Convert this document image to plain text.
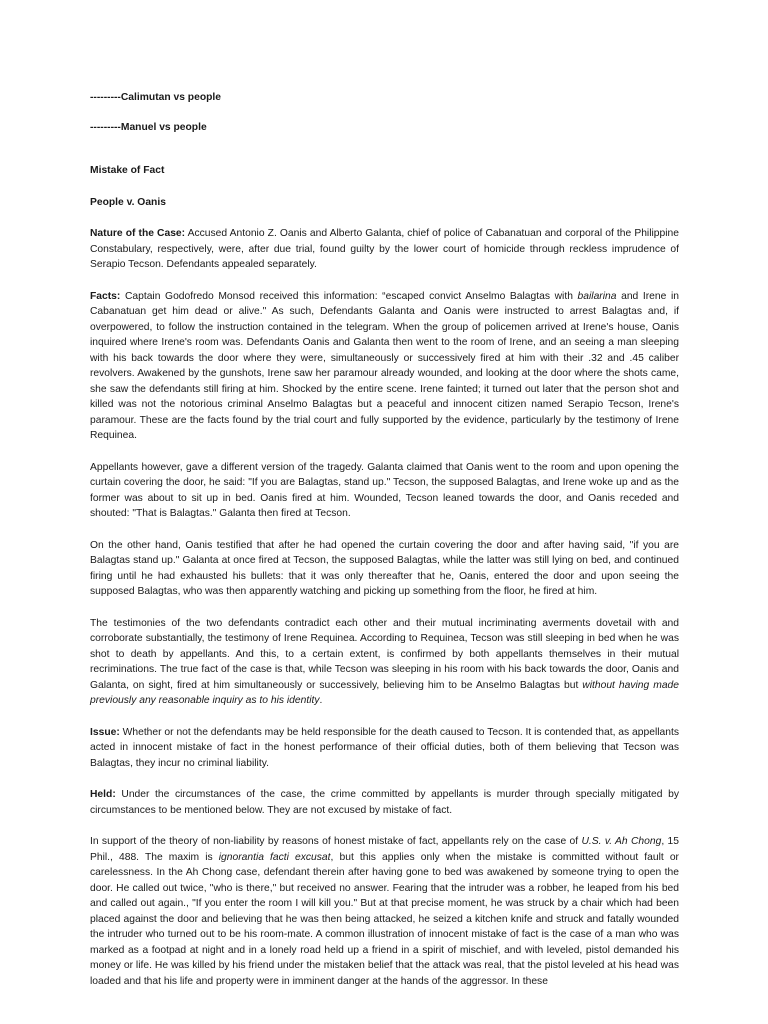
---------Calimutan vs people

---------Manuel vs people

Mistake of Fact

People v. Oanis

Nature of the Case: Accused Antonio Z. Oanis and Alberto Galanta, chief of police of Cabanatuan and corporal of the Philippine Constabulary, respectively, were, after due trial, found guilty by the lower court of homicide through reckless imprudence of Serapio Tecson. Defendants appealed separately.

Facts: Captain Godofredo Monsod received this information: “escaped convict Anselmo Balagtas with bailarina and Irene in Cabanatuan get him dead or alive." As such, Defendants Galanta and Oanis were instructed to arrest Balagtas and, if overpowered, to follow the instruction contained in the telegram. When the group of policemen arrived at Irene's house, Oanis inquired where Irene's room was. Defendants Oanis and Galanta then went to the room of Irene, and an seeing a man sleeping with his back towards the door where they were, simultaneously or successively fired at him with their .32 and .45 caliber revolvers. Awakened by the gunshots, Irene saw her paramour already wounded, and looking at the door where the shots came, she saw the defendants still firing at him. Shocked by the entire scene. Irene fainted; it turned out later that the person shot and killed was not the notorious criminal Anselmo Balagtas but a peaceful and innocent citizen named Serapio Tecson, Irene's paramour. These are the facts found by the trial court and fully supported by the evidence, particularly by the testimony of Irene Requinea.

Appellants however, gave a different version of the tragedy. Galanta claimed that Oanis went to the room and upon opening the curtain covering the door, he said: "If you are Balagtas, stand up." Tecson, the supposed Balagtas, and Irene woke up and as the former was about to sit up in bed. Oanis fired at him. Wounded, Tecson leaned towards the door, and Oanis receded and shouted: "That is Balagtas." Galanta then fired at Tecson.

On the other hand, Oanis testified that after he had opened the curtain covering the door and after having said, "if you are Balagtas stand up." Galanta at once fired at Tecson, the supposed Balagtas, while the latter was still lying on bed, and continued firing until he had exhausted his bullets: that it was only thereafter that he, Oanis, entered the door and upon seeing the supposed Balagtas, who was then apparently watching and picking up something from the floor, he fired at him.

The testimonies of the two defendants contradict each other and their mutual incriminating averments dovetail with and corroborate substantially, the testimony of Irene Requinea. According to Requinea, Tecson was still sleeping in bed when he was shot to death by appellants. And this, to a certain extent, is confirmed by both appellants themselves in their mutual recriminations. The true fact of the case is that, while Tecson was sleeping in his room with his back towards the door, Oanis and Galanta, on sight, fired at him simultaneously or successively, believing him to be Anselmo Balagtas but without having made previously any reasonable inquiry as to his identity.

Issue: Whether or not the defendants may be held responsible for the death caused to Tecson. It is contended that, as appellants acted in innocent mistake of fact in the honest performance of their official duties, both of them believing that Tecson was Balagtas, they incur no criminal liability.

Held: Under the circumstances of the case, the crime committed by appellants is murder through specially mitigated by circumstances to be mentioned below. They are not excused by mistake of fact.

In support of the theory of non-liability by reasons of honest mistake of fact, appellants rely on the case of U.S. v. Ah Chong, 15 Phil., 488. The maxim is ignorantia facti excusat, but this applies only when the mistake is committed without fault or carelessness. In the Ah Chong case, defendant therein after having gone to bed was awakened by someone trying to open the door. He called out twice, "who is there," but received no answer. Fearing that the intruder was a robber, he leaped from his bed and called out again., "If you enter the room I will kill you." But at that precise moment, he was struck by a chair which had been placed against the door and believing that he was then being attacked, he seized a kitchen knife and struck and fatally wounded the intruder who turned out to be his room-mate. A common illustration of innocent mistake of fact is the case of a man who was marked as a footpad at night and in a lonely road held up a friend in a spirit of mischief, and with leveled, pistol demanded his money or life. He was killed by his friend under the mistaken belief that the attack was real, that the pistol leveled at his head was loaded and that his life and property were in imminent danger at the hands of the aggressor. In these
